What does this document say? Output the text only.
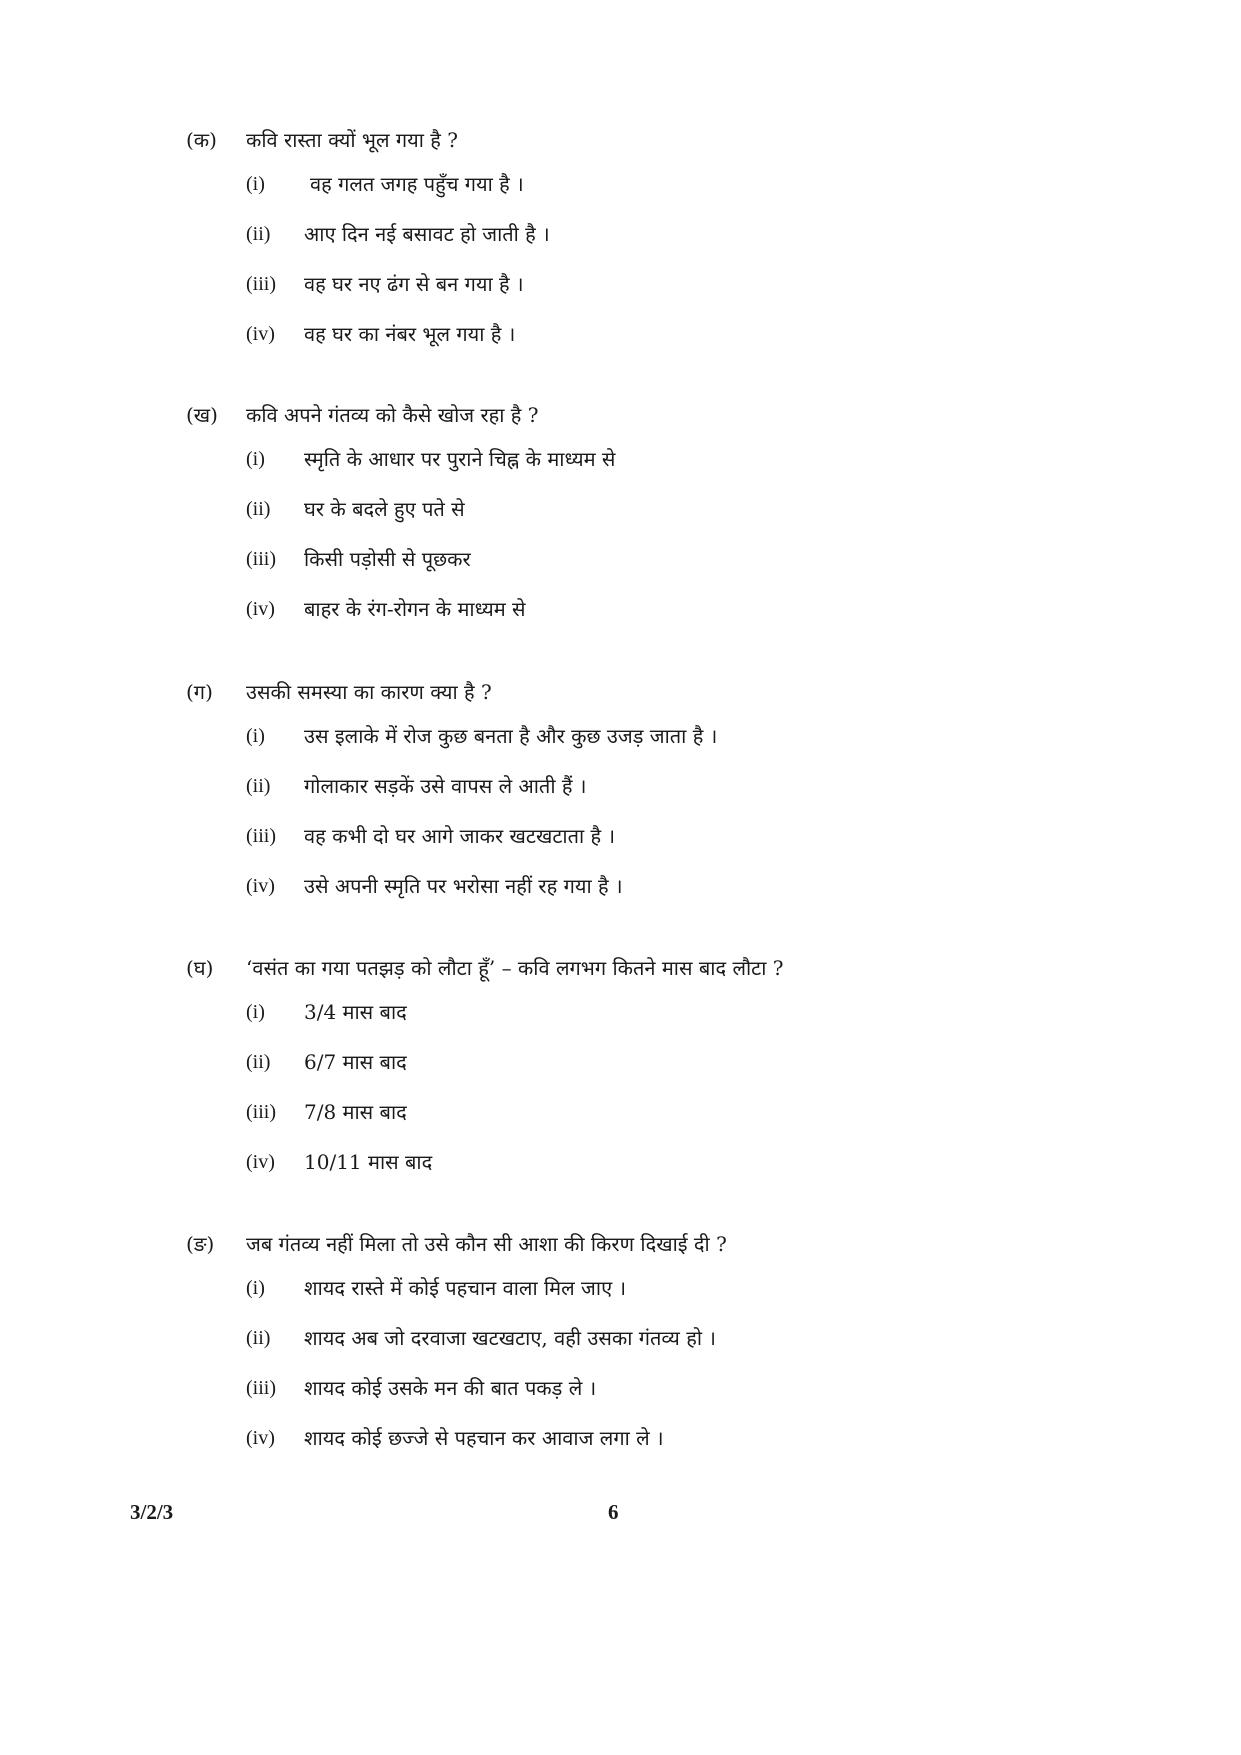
(क) कवि रास्ता क्यों भूल गया है ?
(i) वह गलत जगह पहुँच गया है ।
(ii) आए दिन नई बसावट हो जाती है ।
(iii) वह घर नए ढंग से बन गया है ।
(iv) वह घर का नंबर भूल गया है ।
(ख) कवि अपने गंतव्य को कैसे खोज रहा है ?
(i) स्मृति के आधार पर पुराने चिह्न के माध्यम से
(ii) घर के बदले हुए पते से
(iii) किसी पड़ोसी से पूछकर
(iv) बाहर के रंग-रोगन के माध्यम से
(ग) उसकी समस्या का कारण क्या है ?
(i) उस इलाके में रोज कुछ बनता है और कुछ उजड़ जाता है ।
(ii) गोलाकार सड़कें उसे वापस ले आती हैं ।
(iii) वह कभी दो घर आगे जाकर खटखटाता है ।
(iv) उसे अपनी स्मृति पर भरोसा नहीं रह गया है ।
(घ) ‘वसंत का गया पतझड़ को लौटा हूँ’ – कवि लगभग कितने मास बाद लौटा ?
(i) 3/4 मास बाद
(ii) 6/7 मास बाद
(iii) 7/8 मास बाद
(iv) 10/11 मास बाद
(ङ) जब गंतव्य नहीं मिला तो उसे कौन सी आशा की किरण दिखाई दी ?
(i) शायद रास्ते में कोई पहचान वाला मिल जाए ।
(ii) शायद अब जो दरवाजा खटखटाए, वही उसका गंतव्य हो ।
(iii) शायद कोई उसके मन की बात पकड़ ले ।
(iv) शायद कोई छज्जे से पहचान कर आवाज लगा ले ।
3/2/3	6
